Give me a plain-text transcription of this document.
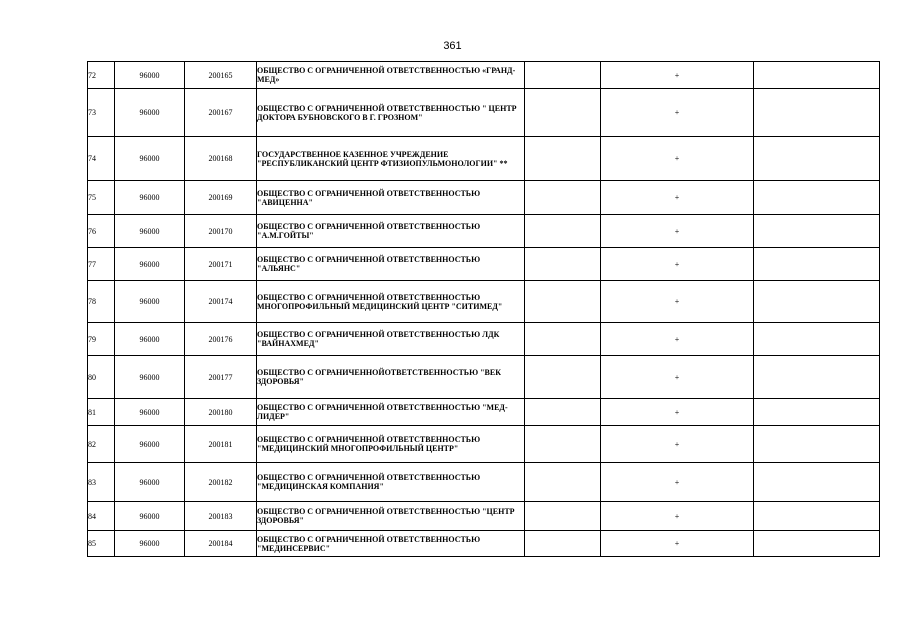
361
72	96000	200165	ОБЩЕСТВО С ОГРАНИЧЕННОЙ ОТВЕТСТВЕННОСТЬЮ «ГРАНД-МЕД»		+	
73	96000	200167	ОБЩЕСТВО С ОГРАНИЧЕННОЙ ОТВЕТСТВЕННОСТЬЮ " ЦЕНТР ДОКТОРА БУБНОВСКОГО В Г. ГРОЗНОМ"		+	
74	96000	200168	ГОСУДАРСТВЕННОЕ КАЗЕННОЕ УЧРЕЖДЕНИЕ "РЕСПУБЛИКАНСКИЙ ЦЕНТР ФТИЗИОПУЛЬМОНОЛОГИИ" **		+	
75	96000	200169	ОБЩЕСТВО С ОГРАНИЧЕННОЙ ОТВЕТСТВЕННОСТЬЮ "АВИЦЕННА"		+	
76	96000	200170	ОБЩЕСТВО С ОГРАНИЧЕННОЙ ОТВЕТСТВЕННОСТЬЮ "А.М.ГОЙТЫ"		+	
77	96000	200171	ОБЩЕСТВО С ОГРАНИЧЕННОЙ ОТВЕТСТВЕННОСТЬЮ "АЛЬЯНС"		+	
78	96000	200174	ОБЩЕСТВО С ОГРАНИЧЕННОЙ ОТВЕТСТВЕННОСТЬЮ МНОГОПРОФИЛЬНЫЙ МЕДИЦИНСКИЙ ЦЕНТР "СИТИМЕД"		+	
79	96000	200176	ОБЩЕСТВО С ОГРАНИЧЕННОЙ ОТВЕТСТВЕННОСТЬЮ ЛДК "ВАЙНАХМЕД"		+	
80	96000	200177	ОБЩЕСТВО С ОГРАНИЧЕННОЙОТВЕТСТВЕННОСТЬЮ "ВЕК ЗДОРОВЬЯ"		+	
81	96000	200180	ОБЩЕСТВО С ОГРАНИЧЕННОЙ ОТВЕТСТВЕННОСТЬЮ "МЕД-ЛИДЕР"		+	
82	96000	200181	ОБЩЕСТВО С ОГРАНИЧЕННОЙ ОТВЕТСТВЕННОСТЬЮ "МЕДИЦИНСКИЙ МНОГОПРОФИЛЬНЫЙ ЦЕНТР"		+	
83	96000	200182	ОБЩЕСТВО С ОГРАНИЧЕННОЙ ОТВЕТСТВЕННОСТЬЮ "МЕДИЦИНСКАЯ КОМПАНИЯ"		+	
84	96000	200183	ОБЩЕСТВО С ОГРАНИЧЕННОЙ ОТВЕТСТВЕННОСТЬЮ "ЦЕНТР ЗДОРОВЬЯ"		+	
85	96000	200184	ОБЩЕСТВО С ОГРАНИЧЕННОЙ ОТВЕТСТВЕННОСТЬЮ "МЕДИНСЕРВИС"		+	
